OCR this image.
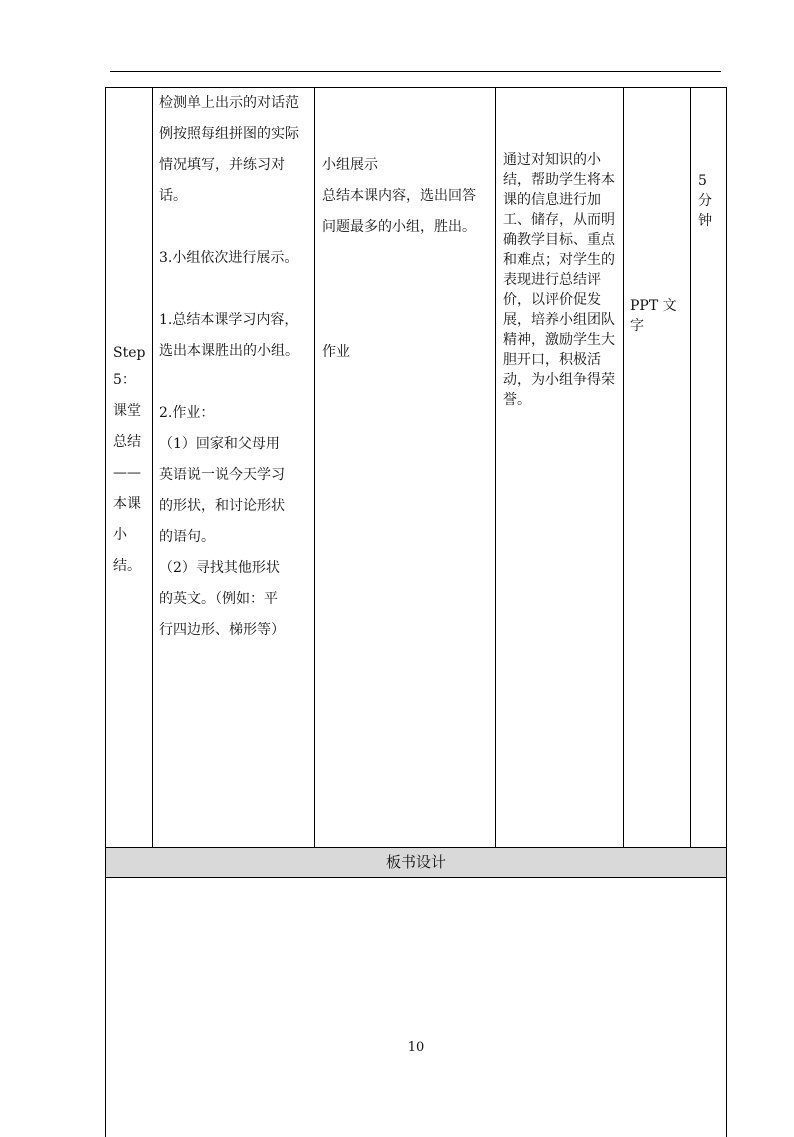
Step
5：
课堂
总结
——
本课
小
结。
检测单上出示的对话范
例按照每组拼图的实际
情况填写，并练习对
话。
3.小组依次进行展示。
1.总结本课学习内容，
选出本课胜出的小组。
2.作业：
（1）回家和父母用
英语说一说今天学习
的形状，和讨论形状
的语句。
（2）寻找其他形状
的英文。（例如：平
行四边形、梯形等）
小组展示
总结本课内容，选出回答
问题最多的小组，胜出。
作业
通过对知识的小
结，帮助学生将本
课的信息进行加
工、储存，从而明
确教学目标、重点
和难点；对学生的
表现进行总结评
价，以评价促发
展，培养小组团队
精神，激励学生大
胆开口，积极活
动，为小组争得荣
誉。
PPT 文
字
5
分
钟
板书设计
10
